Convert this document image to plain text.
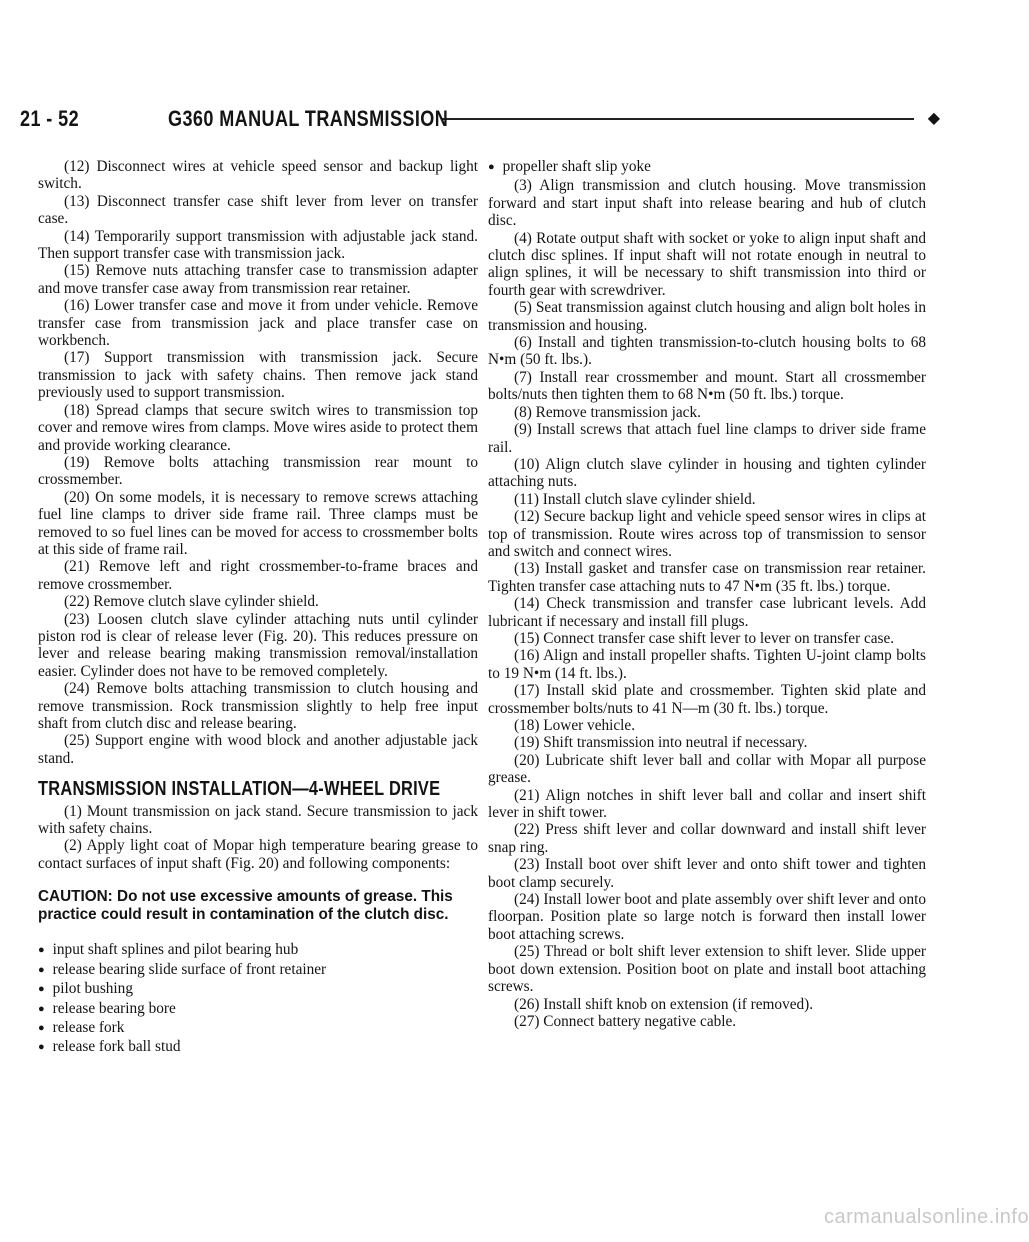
21 - 52	G360 MANUAL TRANSMISSION	◆

(12) Disconnect wires at vehicle speed sensor and backup light switch.

(13) Disconnect transfer case shift lever from lever on transfer case.

(14) Temporarily support transmission with adjustable jack stand. Then support transfer case with transmission jack.

(15) Remove nuts attaching transfer case to transmission adapter and move transfer case away from transmission rear retainer.

(16) Lower transfer case and move it from under vehicle. Remove transfer case from transmission jack and place transfer case on workbench.

(17) Support transmission with transmission jack. Secure transmission to jack with safety chains. Then remove jack stand previously used to support transmission.

(18) Spread clamps that secure switch wires to transmission top cover and remove wires from clamps. Move wires aside to protect them and provide working clearance.

(19) Remove bolts attaching transmission rear mount to crossmember.

(20) On some models, it is necessary to remove screws attaching fuel line clamps to driver side frame rail. Three clamps must be removed to so fuel lines can be moved for access to crossmember bolts at this side of frame rail.

(21) Remove left and right crossmember-to-frame braces and remove crossmember.

(22) Remove clutch slave cylinder shield.

(23) Loosen clutch slave cylinder attaching nuts until cylinder piston rod is clear of release lever (Fig. 20). This reduces pressure on lever and release bearing making transmission removal/installation easier. Cylinder does not have to be removed completely.

(24) Remove bolts attaching transmission to clutch housing and remove transmission. Rock transmission slightly to help free input shaft from clutch disc and release bearing.

(25) Support engine with wood block and another adjustable jack stand.

TRANSMISSION INSTALLATION—4-WHEEL DRIVE

(1) Mount transmission on jack stand. Secure transmission to jack with safety chains.

(2) Apply light coat of Mopar high temperature bearing grease to contact surfaces of input shaft (Fig. 20) and following components:

CAUTION: Do not use excessive amounts of grease. This practice could result in contamination of the clutch disc.
● input shaft splines and pilot bearing hub
● release bearing slide surface of front retainer
● pilot bushing
● release bearing bore
● release fork
● release fork ball stud
● propeller shaft slip yoke

(3) Align transmission and clutch housing. Move transmission forward and start input shaft into release bearing and hub of clutch disc.

(4) Rotate output shaft with socket or yoke to align input shaft and clutch disc splines. If input shaft will not rotate enough in neutral to align splines, it will be necessary to shift transmission into third or fourth gear with screwdriver.

(5) Seat transmission against clutch housing and align bolt holes in transmission and housing.

(6) Install and tighten transmission-to-clutch housing bolts to 68 N•m (50 ft. lbs.).

(7) Install rear crossmember and mount. Start all crossmember bolts/nuts then tighten them to 68 N•m (50 ft. lbs.) torque.

(8) Remove transmission jack.

(9) Install screws that attach fuel line clamps to driver side frame rail.

(10) Align clutch slave cylinder in housing and tighten cylinder attaching nuts.

(11) Install clutch slave cylinder shield.

(12) Secure backup light and vehicle speed sensor wires in clips at top of transmission. Route wires across top of transmission to sensor and switch and connect wires.

(13) Install gasket and transfer case on transmission rear retainer. Tighten transfer case attaching nuts to 47 N•m (35 ft. lbs.) torque.

(14) Check transmission and transfer case lubricant levels. Add lubricant if necessary and install fill plugs.

(15) Connect transfer case shift lever to lever on transfer case.

(16) Align and install propeller shafts. Tighten U-joint clamp bolts to 19 N•m (14 ft. lbs.).

(17) Install skid plate and crossmember. Tighten skid plate and crossmember bolts/nuts to 41 N—m (30 ft. lbs.) torque.

(18) Lower vehicle.

(19) Shift transmission into neutral if necessary.

(20) Lubricate shift lever ball and collar with Mopar all purpose grease.

(21) Align notches in shift lever ball and collar and insert shift lever in shift tower.

(22) Press shift lever and collar downward and install shift lever snap ring.

(23) Install boot over shift lever and onto shift tower and tighten boot clamp securely.

(24) Install lower boot and plate assembly over shift lever and onto floorpan. Position plate so large notch is forward then install lower boot attaching screws.

(25) Thread or bolt shift lever extension to shift lever. Slide upper boot down extension. Position boot on plate and install boot attaching screws.

(26) Install shift knob on extension (if removed).

(27) Connect battery negative cable.

carmanualsonline.info
